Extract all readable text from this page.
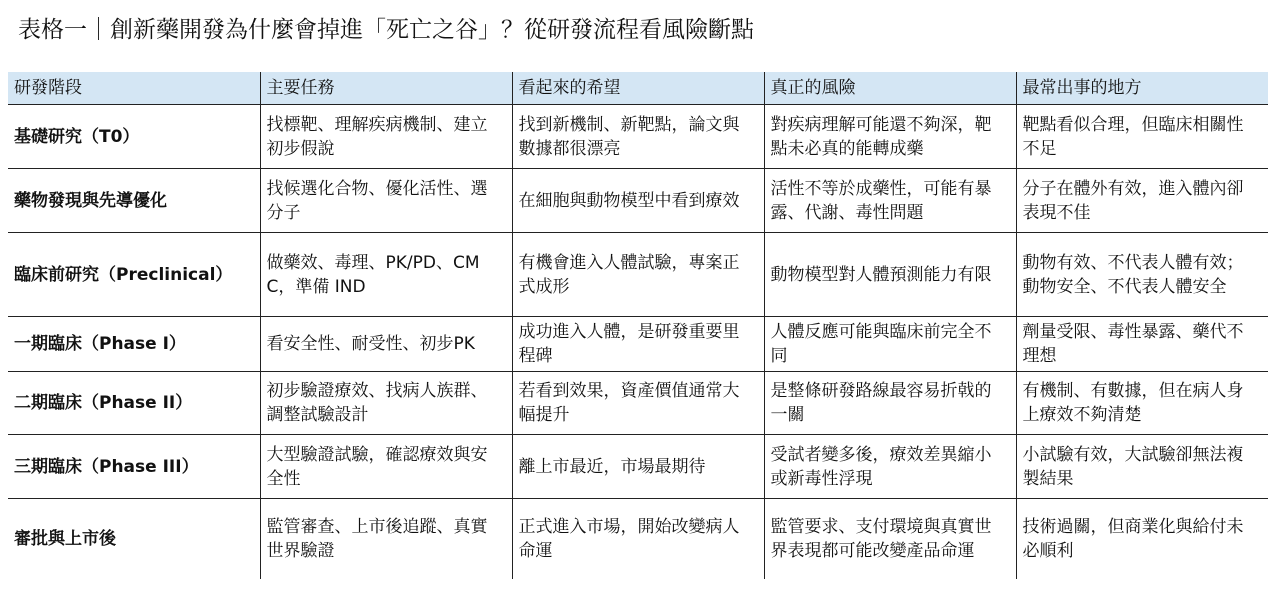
表格一｜創新藥開發為什麼會掉進「死亡之谷」？從研發流程看風險斷點
研發階段	主要任務	看起來的希望	真正的風險	最常出事的地方
基礎研究（T0）	找標靶、理解疾病機制、建立初步假說	找到新機制、新靶點，論文與數據都很漂亮	對疾病理解可能還不夠深，靶點未必真的能轉成藥	靶點看似合理，但臨床相關性不足
藥物發現與先導優化	找候選化合物、優化活性、選分子	在細胞與動物模型中看到療效	活性不等於成藥性，可能有暴露、代謝、毒性問題	分子在體外有效，進入體內卻表現不佳
臨床前研究（Preclinical）	做藥效、毒理、PK/PD、CMC，準備 IND	有機會進入人體試驗，專案正式成形	動物模型對人體預測能力有限	動物有效、不代表人體有效；動物安全、不代表人體安全
一期臨床（Phase I）	看安全性、耐受性、初步PK	成功進入人體，是研發重要里程碑	人體反應可能與臨床前完全不同	劑量受限、毒性暴露、藥代不理想
二期臨床（Phase II）	初步驗證療效、找病人族群、調整試驗設計	若看到效果，資產價值通常大幅提升	是整條研發路線最容易折戟的一關	有機制、有數據，但在病人身上療效不夠清楚
三期臨床（Phase III）	大型驗證試驗，確認療效與安全性	離上市最近，市場最期待	受試者變多後，療效差異縮小或新毒性浮現	小試驗有效，大試驗卻無法複製結果
審批與上市後	監管審查、上市後追蹤、真實世界驗證	正式進入市場，開始改變病人命運	監管要求、支付環境與真實世界表現都可能改變產品命運	技術過關，但商業化與給付未必順利
